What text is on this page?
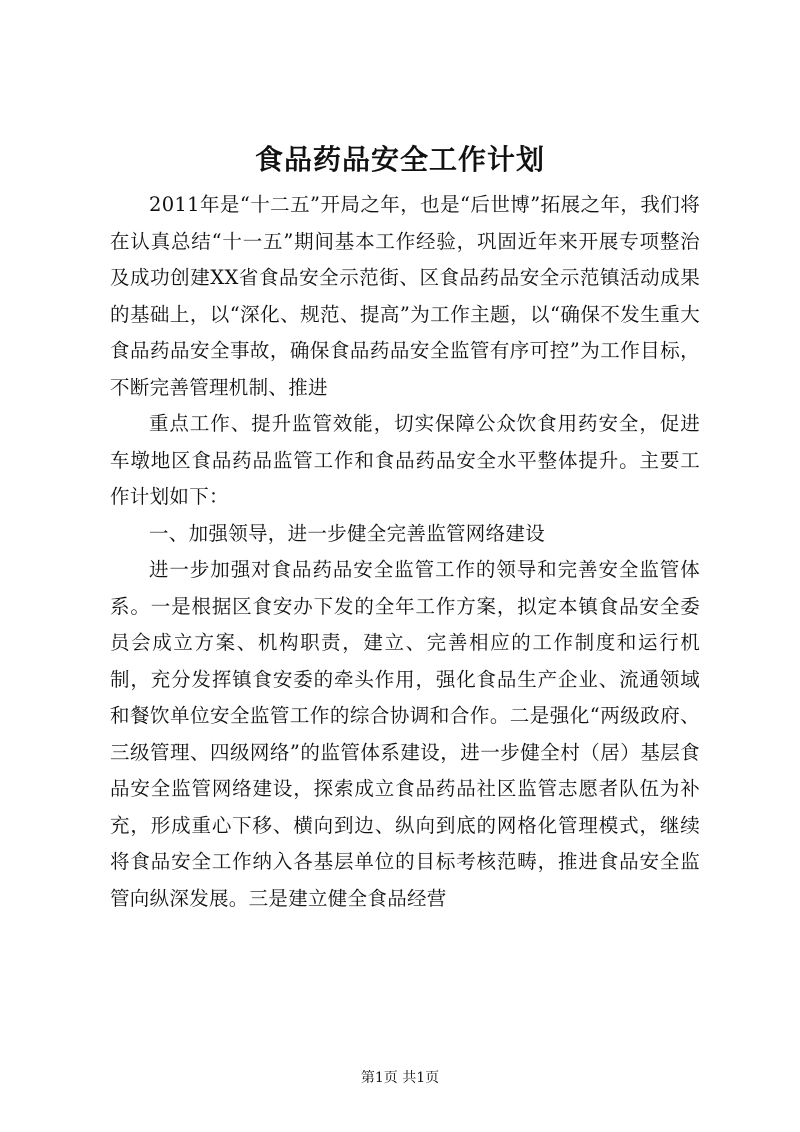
食品药品安全工作计划

2011年是“十二五”开局之年，也是“后世博”拓展之年，我们将在认真总结“十一五”期间基本工作经验，巩固近年来开展专项整治及成功创建XX省食品安全示范街、区食品药品安全示范镇活动成果的基础上，以“深化、规范、提高”为工作主题，以“确保不发生重大食品药品安全事故，确保食品药品安全监管有序可控”为工作目标，不断完善管理机制、推进

重点工作、提升监管效能，切实保障公众饮食用药安全，促进车墩地区食品药品监管工作和食品药品安全水平整体提升。主要工作计划如下：

一、加强领导，进一步健全完善监管网络建设

进一步加强对食品药品安全监管工作的领导和完善安全监管体系。一是根据区食安办下发的全年工作方案，拟定本镇食品安全委员会成立方案、机构职责，建立、完善相应的工作制度和运行机制，充分发挥镇食安委的牵头作用，强化食品生产企业、流通领域和餐饮单位安全监管工作的综合协调和合作。二是强化“两级政府、三级管理、四级网络”的监管体系建设，进一步健全村（居）基层食品安全监管网络建设，探索成立食品药品社区监管志愿者队伍为补充，形成重心下移、横向到边、纵向到底的网格化管理模式，继续将食品安全工作纳入各基层单位的目标考核范畴，推进食品安全监管向纵深发展。三是建立健全食品经营

第1页 共1页
